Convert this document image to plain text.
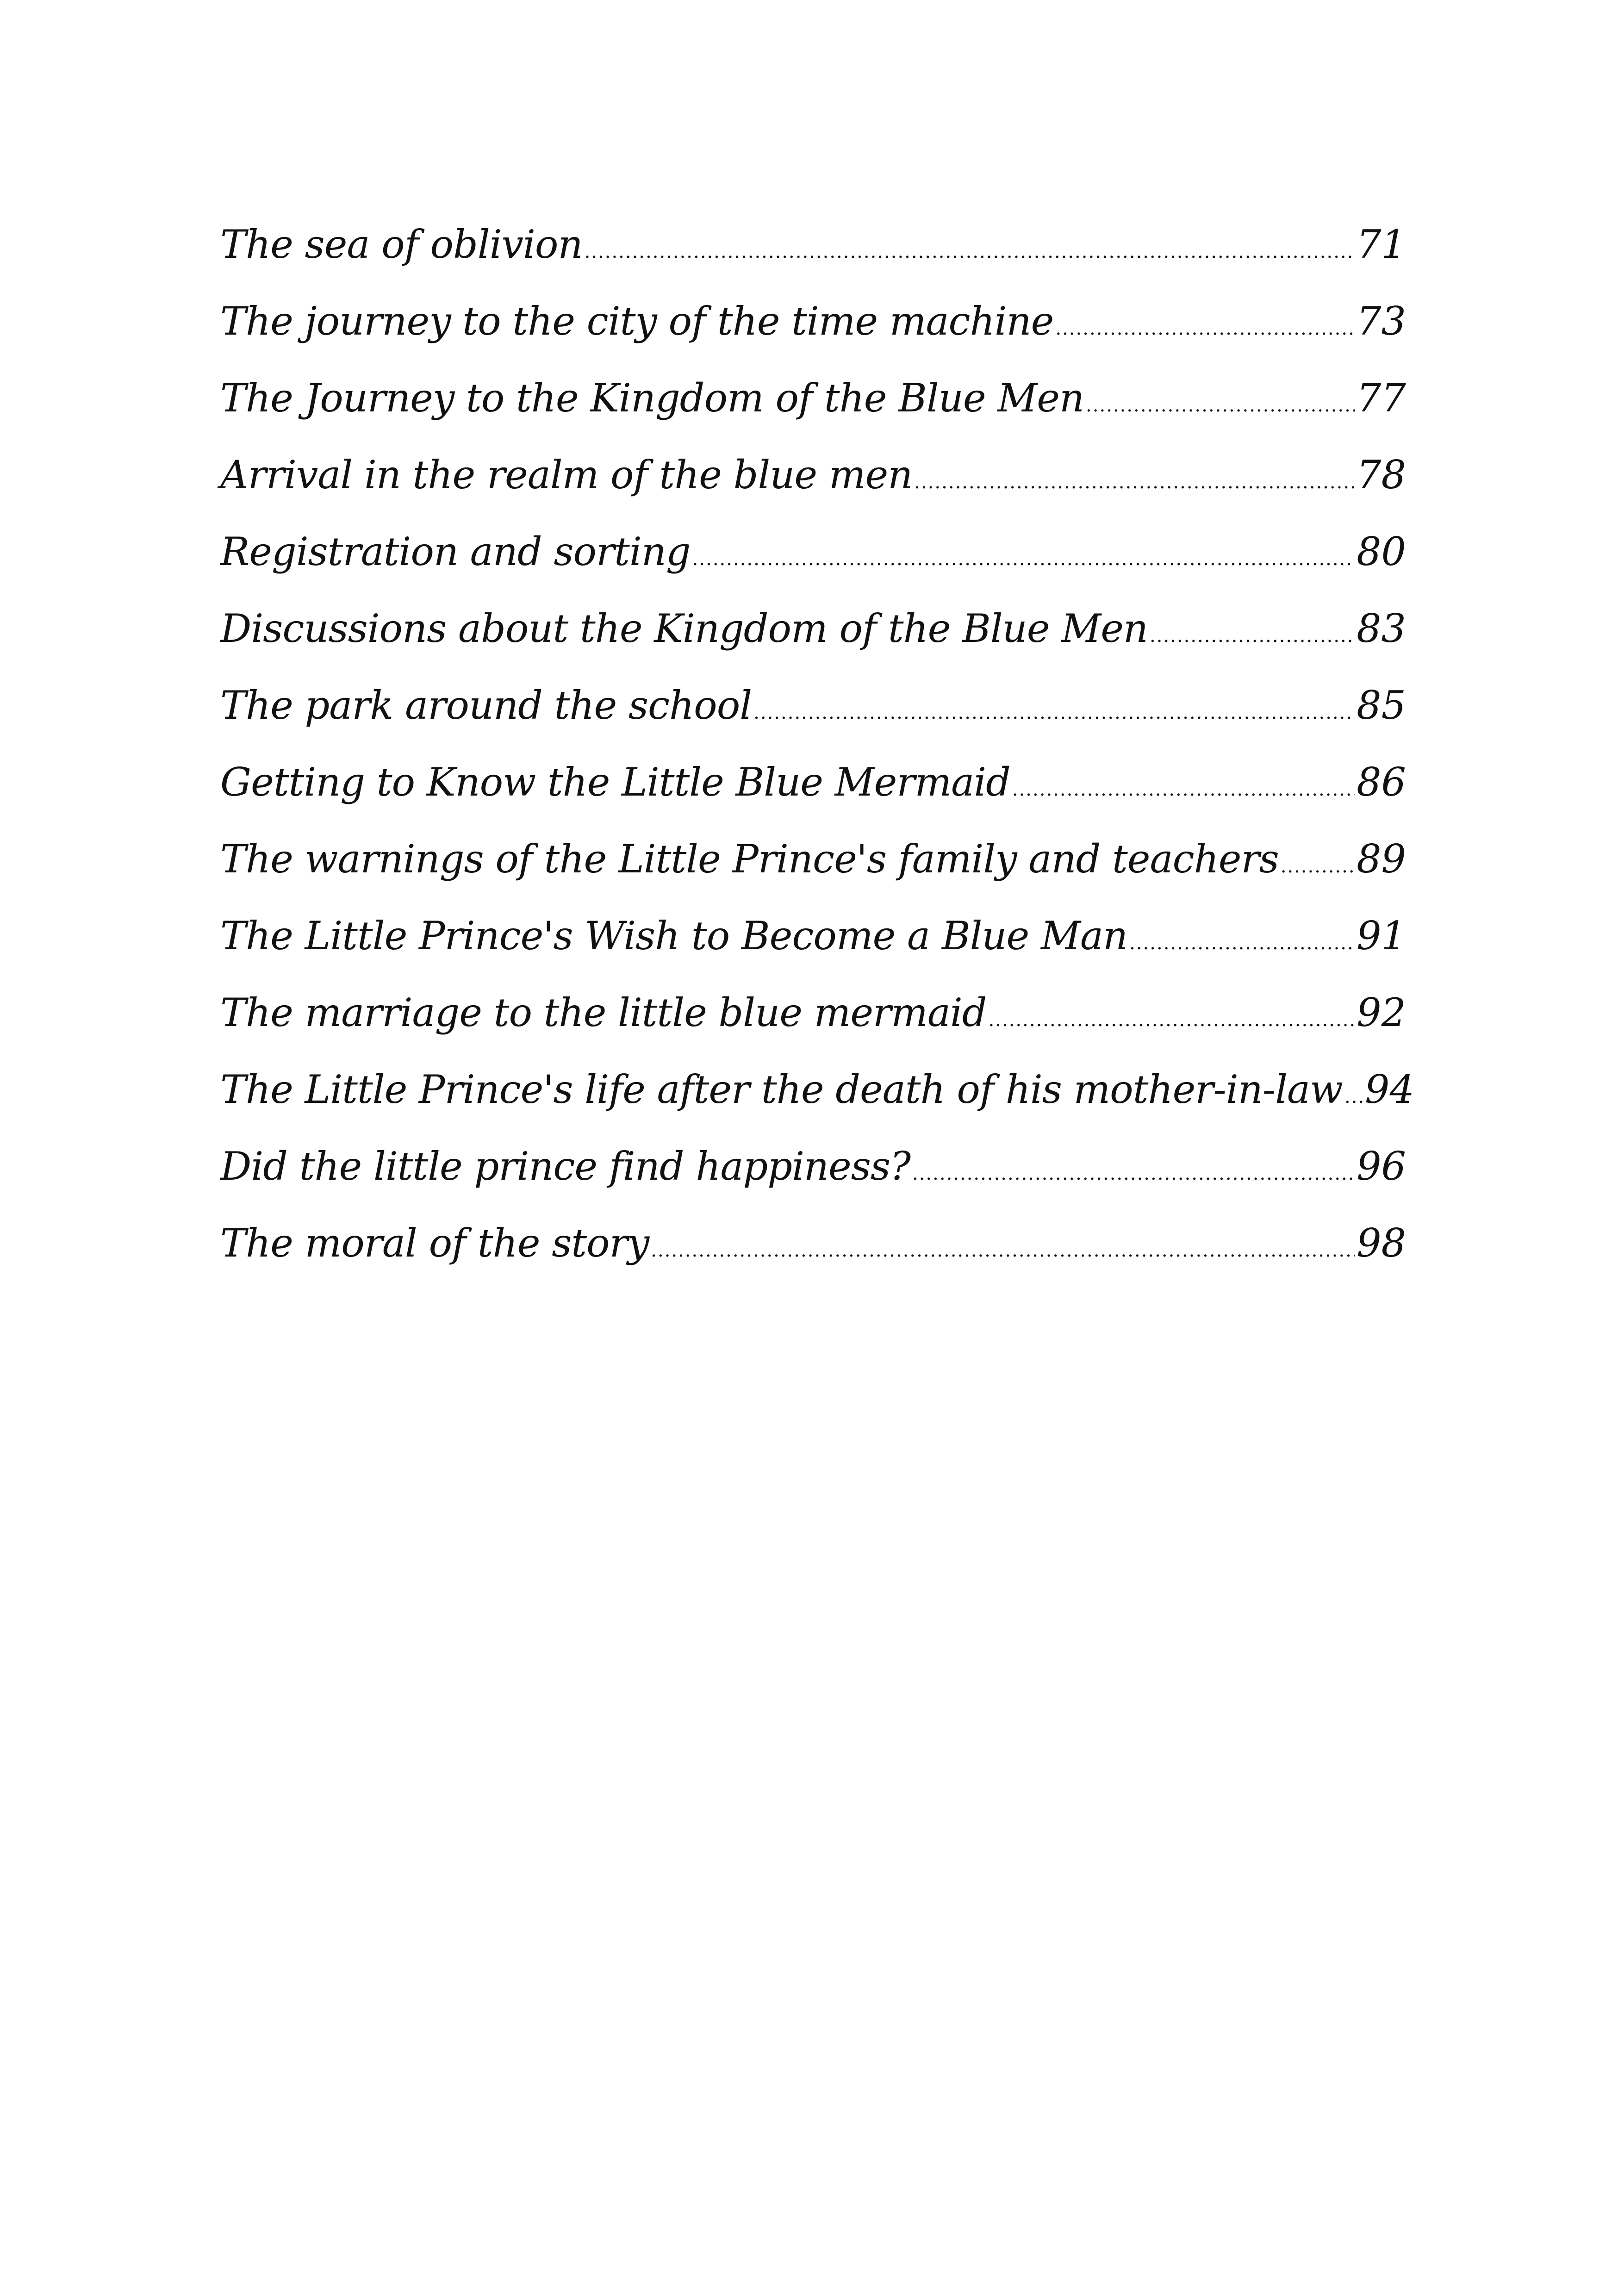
The sea of oblivion .....	71
The journey to the city of the time machine .....	73
The Journey to the Kingdom of the Blue Men .....	77
Arrival in the realm of the blue men .....	78
Registration and sorting .....	80
Discussions about the Kingdom of the Blue Men .....	83
The park around the school .....	85
Getting to Know the Little Blue Mermaid .....	86
The warnings of the Little Prince's family and teachers ..... 89
The Little Prince's Wish to Become a Blue Man .....	91
The marriage to the little blue mermaid .....	92
The Little Prince's life after the death of his mother-in-law ..... 94
Did the little prince find happiness? .....	96
The moral of the story .....	98
